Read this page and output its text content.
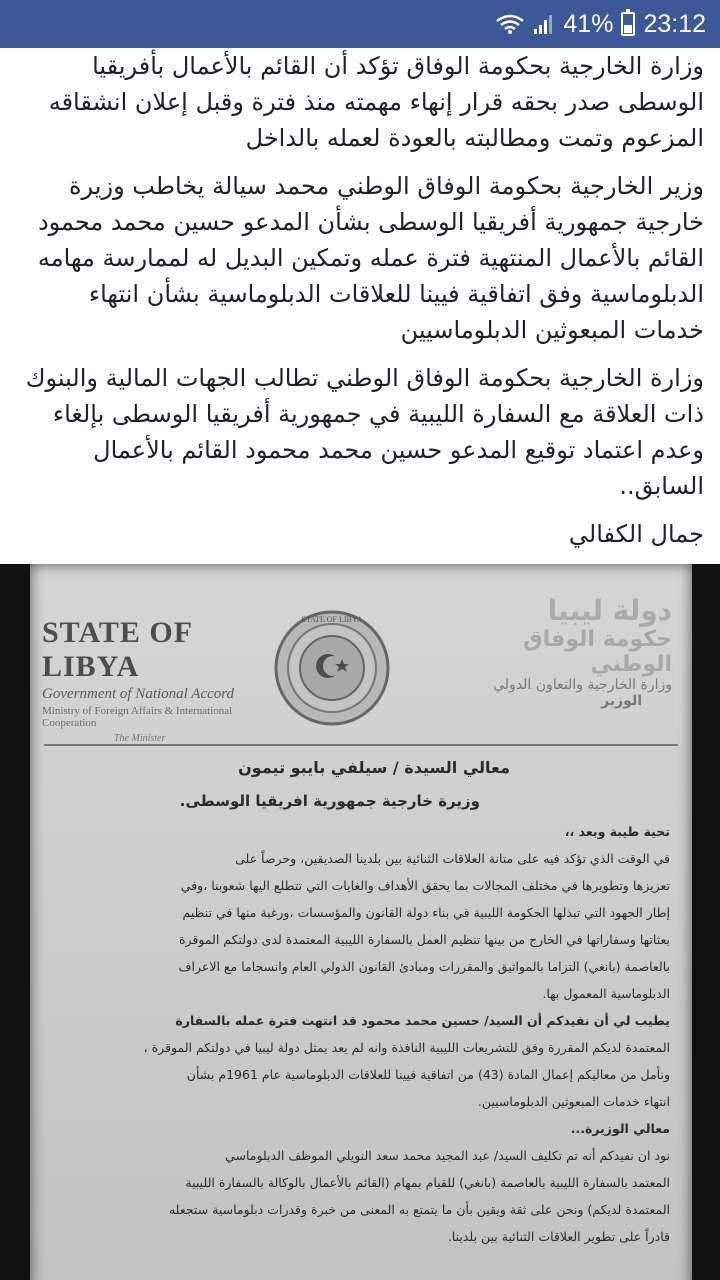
41% 23:12

وزارة الخارجية بحكومة الوفاق تؤكد أن القائم بالأعمال بأفريقيا الوسطى صدر بحقه قرار إنهاء مهمته منذ فترة وقبل إعلان انشقاقه المزعوم وتمت ومطالبته بالعودة لعمله بالداخل

وزير الخارجية بحكومة الوفاق الوطني محمد سيالة يخاطب وزيرة خارجية جمهورية أفريقيا الوسطى بشأن المدعو حسين محمد محمود القائم بالأعمال المنتهية فترة عمله وتمكين البديل له لممارسة مهامه الدبلوماسية وفق اتفاقية فيينا للعلاقات الدبلوماسية بشأن انتهاء خدمات المبعوثين الدبلوماسيين

وزارة الخارجية بحكومة الوفاق الوطني تطالب الجهات المالية والبنوك ذات العلاقة مع السفارة الليبية في جمهورية أفريقيا الوسطى بإلغاء وعدم اعتماد توقيع المدعو حسين محمد محمود القائم بالأعمال السابق..

جمال الكفالي

STATE OF LIBYA
Government of National Accord
Ministry of Foreign Affairs & International Cooperation
The Minister
STATE OF LIBYA	دولة ليبيا
حكومة الوفاق الوطني
وزارة الخارجية والتعاون الدولي
الوزير

معالي السيدة / سيلفي بايبو تيمون

وزيرة خارجية جمهورية افريقيا الوسطى.

تحية طيبة وبعد ،،

في الوقت الذي تؤكد فيه على متانة العلاقات الثنائية بين بلدينا الصديقين، وحرصاً على

تعزيزها وتطويرها في مختلف المجالات بما يحقق الأهداف والغايات التي تتطلع اليها شعوبنا ،وفي

إطار الجهود التي تبذلها الحكومة الليبية في بناء دولة القانون والمؤسسات ،ورغبة منها في تنظيم

بعثاتها وسفاراتها في الخارج من بينها تنظيم العمل بالسفارة الليبية المعتمدة لدى دولتكم الموقرة

بالعاصمة (بانغي) التزاما بالمواثيق والمقررات ومبادئ القانون الدولي العام وانسجاما مع الاعراف

الدبلوماسية المعمول بها.

يطيب لي أن نفيدكم أن السيد/ حسين محمد محمود قد انتهت فترة عمله بالسفارة

المعتمدة لديكم المقررة وفق للتشريعات الليبية النافذة وانه لم يعد يمثل دولة ليبيا في دولتكم الموقرة ،

ونأمل من معاليكم إعمال المادة (43) من اتفاقية فيينا للعلاقات الدبلوماسية عام 1961م بشأن

انتهاء خدمات المبعوثين الدبلوماسيين.

معالي الوزيرة...

نود ان نفيدكم أنه تم تكليف السيد/ عبد المجيد محمد سعد النويلي الموظف الدبلوماسي

المعتمد بالسفارة الليبية بالعاصمة (بانغي) للقيام بمهام (القائم بالأعمال بالوكالة بالسفارة الليبية

المعتمدة لديكم) ونحن على ثقة ويقين بأن ما يتمتع به المعنى من خبرة وقدرات دبلوماسية ستجعله

قادراً على تطوير العلاقات الثنائية بين بلدينا.
